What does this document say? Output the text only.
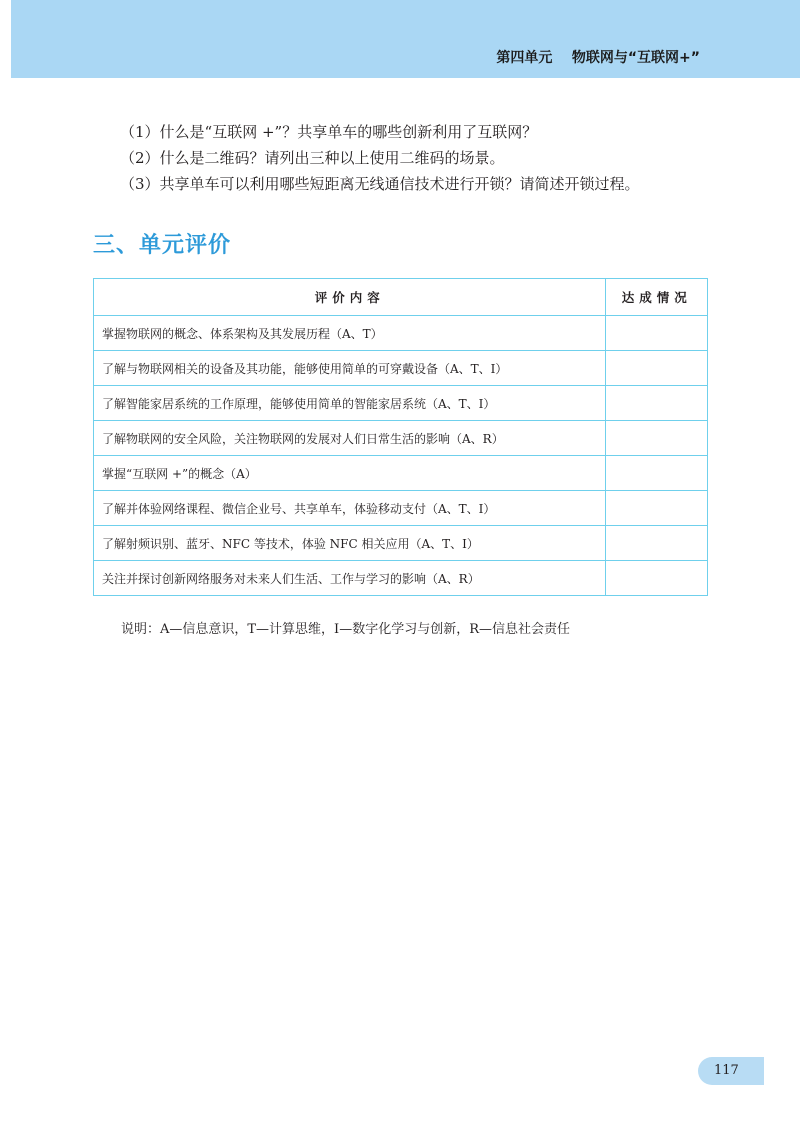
第四单元    物联网与“互联网+”
（1）什么是“互联网 +”？共享单车的哪些创新利用了互联网？
（2）什么是二维码？请列出三种以上使用二维码的场景。
（3）共享单车可以利用哪些短距离无线通信技术进行开锁？请简述开锁过程。
三、单元评价
评价内容	达成情况
掌握物联网的概念、体系架构及其发展历程（A、T）	
了解与物联网相关的设备及其功能，能够使用简单的可穿戴设备（A、T、I）	
了解智能家居系统的工作原理，能够使用简单的智能家居系统（A、T、I）	
了解物联网的安全风险，关注物联网的发展对人们日常生活的影响（A、R）	
掌握“互联网 +”的概念（A）	
了解并体验网络课程、微信企业号、共享单车，体验移动支付（A、T、I）	
了解射频识别、蓝牙、NFC 等技术，体验 NFC 相关应用（A、T、I）	
关注并探讨创新网络服务对未来人们生活、工作与学习的影响（A、R）	
说明：A—信息意识，T—计算思维，I—数字化学习与创新，R—信息社会责任
117
